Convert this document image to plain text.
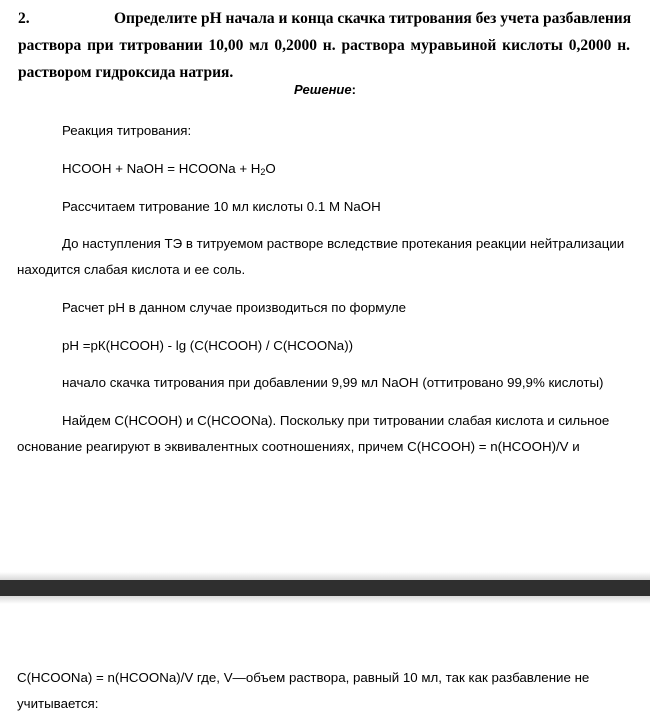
2.	Определите рН начала и конца скачка титрования без учета разбавления
раствора при титровании 10,00 мл 0,2000 н. раствора муравьиной кислоты 0,2000 н.
раствором гидроксида натрия.
Решение:
Реакция титрования:
HCOOH + NaOH = HCOONa + $H_2O$
Рассчитаем титрование 10 мл кислоты 0.1 М NaOH
До наступления ТЭ в титруемом растворе вследствие протекания реакции нейтрализации
находится слабая кислота и ее соль.
Расчет рН в данном случае производиться по формуле
рН =рК(HCOOH) - lg (С(HCOOH) / С(HCOONa))
начало скачка титрования при добавлении 9,99 мл NaOH (оттитровано 99,9% кислоты)
Найдем С(HCOOH) и С(HCOONa). Поскольку при титровании слабая кислота и сильное
основание реагируют в эквивалентных соотношениях, причем С(HCOOH) = n(HCOOH)/V и
С(HCOONa) = n(HCOONa)/V где, V—объем раствора, равный 10 мл, так как разбавление не
учитывается:
